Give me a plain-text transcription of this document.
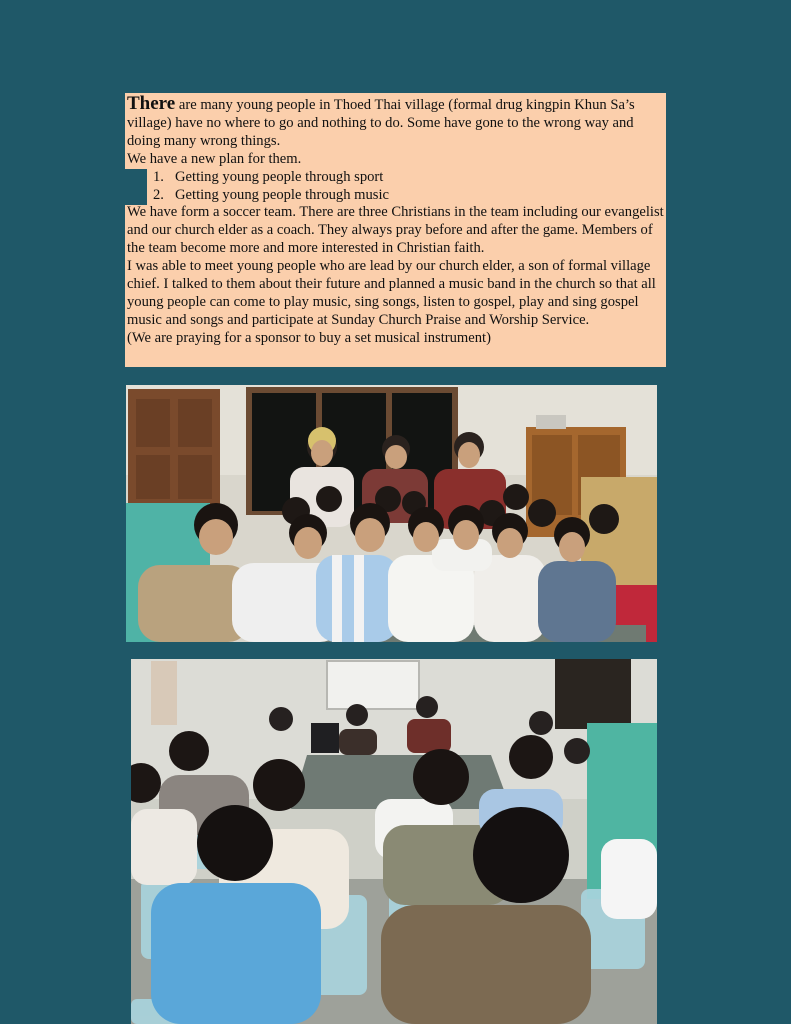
There are many young people in Thoed Thai village (formal drug kingpin Khun Sa’s village) have no where to go and nothing to do. Some have gone to the wrong way and doing many wrong things.

We have a new plan for them.

1. Getting young people through sport
2. Getting young people through music

We have form a soccer team. There are three Christians in the team including our evangelist and our church elder as a coach. They always pray before and after the game. Members of the team become more and more interested in Christian faith.

I was able to meet young people who are lead by our church elder, a son of formal village chief. I talked to them about their future and planned a music band in the church so that all young people can come to play music, sing songs, listen to gospel, play and sing gospel music and songs and participate at Sunday Church Praise and Worship Service.

(We are praying for a sponsor to buy a set musical instrument)
